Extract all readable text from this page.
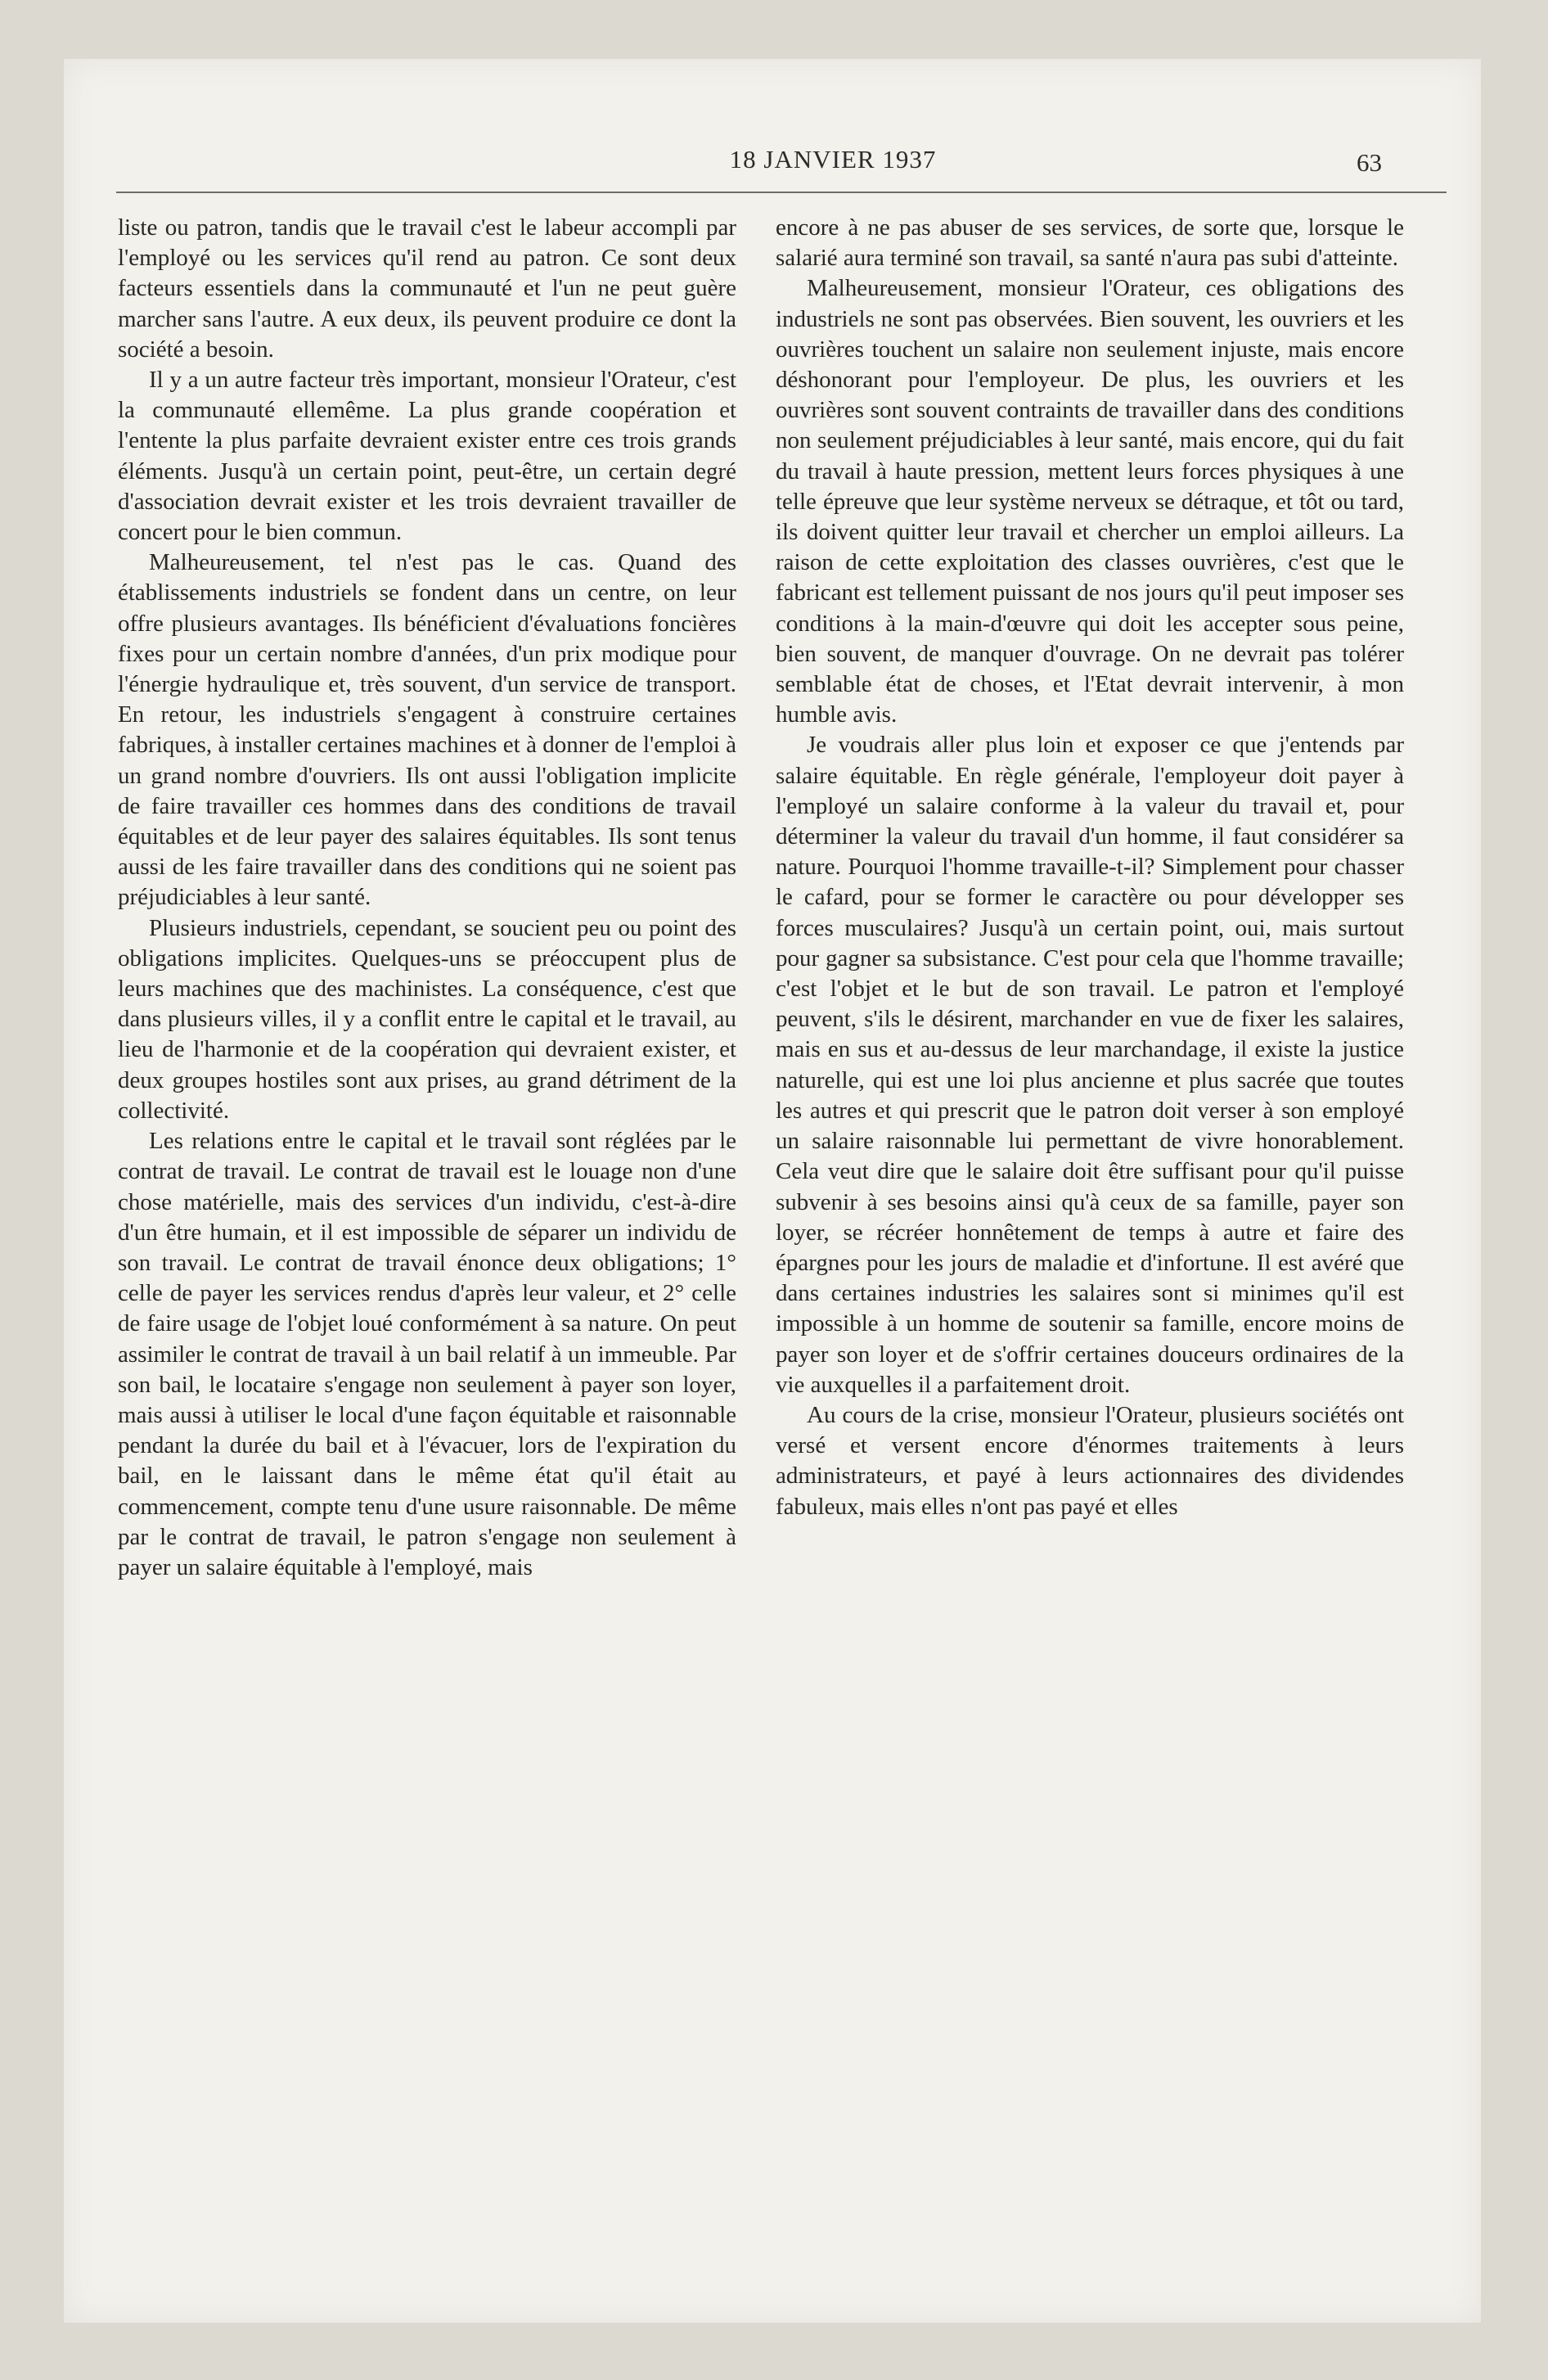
18 JANVIER 1937	63

liste ou patron, tandis que le travail c'est le labeur accompli par l'employé ou les services qu'il rend au patron. Ce sont deux facteurs essentiels dans la communauté et l'un ne peut guère marcher sans l'autre. A eux deux, ils peuvent produire ce dont la société a besoin.

Il y a un autre facteur très important, monsieur l'Orateur, c'est la communauté ellemême. La plus grande coopération et l'entente la plus parfaite devraient exister entre ces trois grands éléments. Jusqu'à un certain point, peut-être, un certain degré d'association devrait exister et les trois devraient travailler de concert pour le bien commun.

Malheureusement, tel n'est pas le cas. Quand des établissements industriels se fondent dans un centre, on leur offre plusieurs avantages. Ils bénéficient d'évaluations foncières fixes pour un certain nombre d'années, d'un prix modique pour l'énergie hydraulique et, très souvent, d'un service de transport. En retour, les industriels s'engagent à construire certaines fabriques, à installer certaines machines et à donner de l'emploi à un grand nombre d'ouvriers. Ils ont aussi l'obligation implicite de faire travailler ces hommes dans des conditions de travail équitables et de leur payer des salaires équitables. Ils sont tenus aussi de les faire travailler dans des conditions qui ne soient pas préjudiciables à leur santé.

Plusieurs industriels, cependant, se soucient peu ou point des obligations implicites. Quelques-uns se préoccupent plus de leurs machines que des machinistes. La conséquence, c'est que dans plusieurs villes, il y a conflit entre le capital et le travail, au lieu de l'harmonie et de la coopération qui devraient exister, et deux groupes hostiles sont aux prises, au grand détriment de la collectivité.

Les relations entre le capital et le travail sont réglées par le contrat de travail. Le contrat de travail est le louage non d'une chose matérielle, mais des services d'un individu, c'est-à-dire d'un être humain, et il est impossible de séparer un individu de son travail. Le contrat de travail énonce deux obligations; 1° celle de payer les services rendus d'après leur valeur, et 2° celle de faire usage de l'objet loué conformément à sa nature. On peut assimiler le contrat de travail à un bail relatif à un immeuble. Par son bail, le locataire s'engage non seulement à payer son loyer, mais aussi à utiliser le local d'une façon équitable et raisonnable pendant la durée du bail et à l'évacuer, lors de l'expiration du bail, en le laissant dans le même état qu'il était au commencement, compte tenu d'une usure raisonnable. De même par le contrat de travail, le patron s'engage non seulement à payer un salaire équitable à l'employé, mais

encore à ne pas abuser de ses services, de sorte que, lorsque le salarié aura terminé son travail, sa santé n'aura pas subi d'atteinte.

Malheureusement, monsieur l'Orateur, ces obligations des industriels ne sont pas observées. Bien souvent, les ouvriers et les ouvrières touchent un salaire non seulement injuste, mais encore déshonorant pour l'employeur. De plus, les ouvriers et les ouvrières sont souvent contraints de travailler dans des conditions non seulement préjudiciables à leur santé, mais encore, qui du fait du travail à haute pression, mettent leurs forces physiques à une telle épreuve que leur système nerveux se détraque, et tôt ou tard, ils doivent quitter leur travail et chercher un emploi ailleurs. La raison de cette exploitation des classes ouvrières, c'est que le fabricant est tellement puissant de nos jours qu'il peut imposer ses conditions à la main-d'œuvre qui doit les accepter sous peine, bien souvent, de manquer d'ouvrage. On ne devrait pas tolérer semblable état de choses, et l'Etat devrait intervenir, à mon humble avis.

Je voudrais aller plus loin et exposer ce que j'entends par salaire équitable. En règle générale, l'employeur doit payer à l'employé un salaire conforme à la valeur du travail et, pour déterminer la valeur du travail d'un homme, il faut considérer sa nature. Pourquoi l'homme travaille-t-il? Simplement pour chasser le cafard, pour se former le caractère ou pour développer ses forces musculaires? Jusqu'à un certain point, oui, mais surtout pour gagner sa subsistance. C'est pour cela que l'homme travaille; c'est l'objet et le but de son travail. Le patron et l'employé peuvent, s'ils le désirent, marchander en vue de fixer les salaires, mais en sus et au-dessus de leur marchandage, il existe la justice naturelle, qui est une loi plus ancienne et plus sacrée que toutes les autres et qui prescrit que le patron doit verser à son employé un salaire raisonnable lui permettant de vivre honorablement. Cela veut dire que le salaire doit être suffisant pour qu'il puisse subvenir à ses besoins ainsi qu'à ceux de sa famille, payer son loyer, se récréer honnêtement de temps à autre et faire des épargnes pour les jours de maladie et d'infortune. Il est avéré que dans certaines industries les salaires sont si minimes qu'il est impossible à un homme de soutenir sa famille, encore moins de payer son loyer et de s'offrir certaines douceurs ordinaires de la vie auxquelles il a parfaitement droit.

Au cours de la crise, monsieur l'Orateur, plusieurs sociétés ont versé et versent encore d'énormes traitements à leurs administrateurs, et payé à leurs actionnaires des dividendes fabuleux, mais elles n'ont pas payé et elles
